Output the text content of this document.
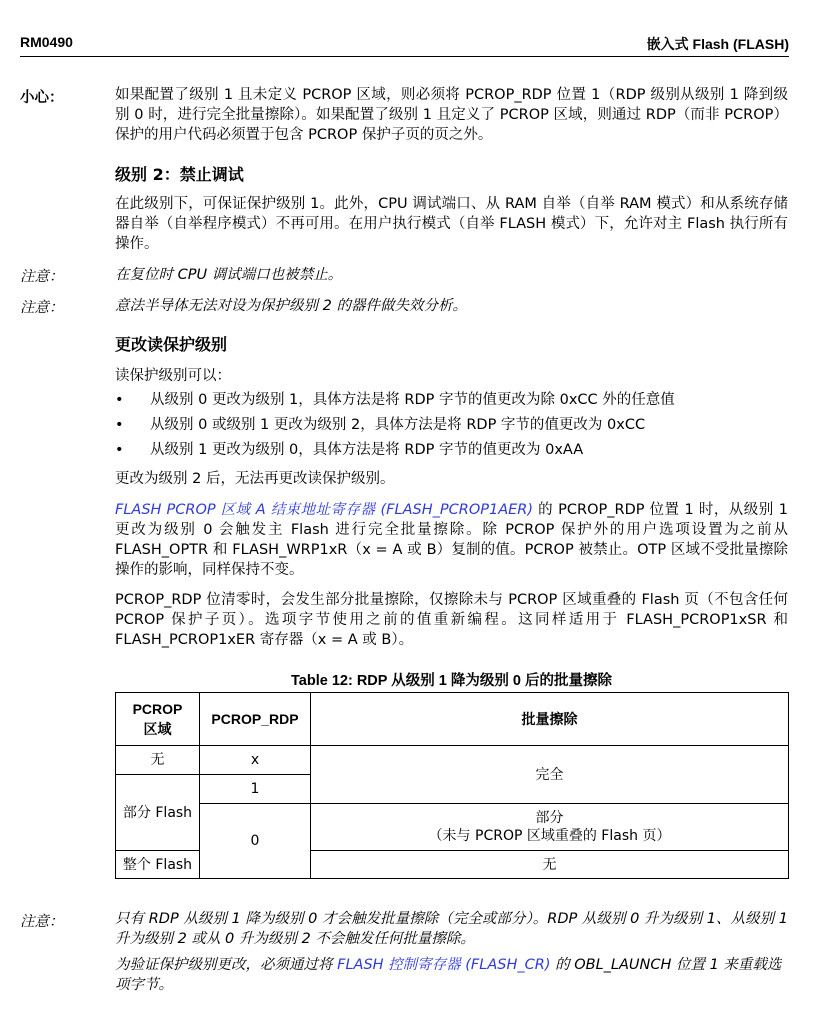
RM0490	嵌入式 Flash (FLASH)
小心：	如果配置了级别 1 且未定义 PCROP 区域，则必须将 PCROP_RDP 位置 1（RDP 级别从级别 1 降到级别 0 时，进行完全批量擦除）。如果配置了级别 1 且定义了 PCROP 区域，则通过 RDP（而非 PCROP）保护的用户代码必须置于包含 PCROP 保护子页的页之外。
级别 2：禁止调试
在此级别下，可保证保护级别 1。此外，CPU 调试端口、从 RAM 自举（自举 RAM 模式）和从系统存储器自举（自举程序模式）不再可用。在用户执行模式（自举 FLASH 模式）下，允许对主 Flash 执行所有操作。
注意：	在复位时 CPU 调试端口也被禁止。
注意：	意法半导体无法对设为保护级别 2 的器件做失效分析。
更改读保护级别
读保护级别可以：
• 从级别 0 更改为级别 1，具体方法是将 RDP 字节的值更改为除 0xCC 外的任意值
• 从级别 0 或级别 1 更改为级别 2，具体方法是将 RDP 字节的值更改为 0xCC
• 从级别 1 更改为级别 0，具体方法是将 RDP 字节的值更改为 0xAA
更改为级别 2 后，无法再更改读保护级别。
FLASH PCROP 区域 A 结束地址寄存器 (FLASH_PCROP1AER) 的 PCROP_RDP 位置 1 时，从级别 1 更改为级别 0 会触发主 Flash 进行完全批量擦除。除 PCROP 保护外的用户选项设置为之前从 FLASH_OPTR 和 FLASH_WRP1xR（x = A 或 B）复制的值。PCROP 被禁止。OTP 区域不受批量擦除操作的影响，同样保持不变。
PCROP_RDP 位清零时，会发生部分批量擦除，仅擦除未与 PCROP 区域重叠的 Flash 页（不包含任何 PCROP 保护子页）。选项字节使用之前的值重新编程。这同样适用于 FLASH_PCROP1xSR 和 FLASH_PCROP1xER 寄存器（x = A 或 B）。
Table 12: RDP 从级别 1 降为级别 0 后的批量擦除
PCROP
区域	PCROP_RDP	批量擦除
无	x	完全
部分 Flash	1	
	0	部分
（未与 PCROP 区域重叠的 Flash 页）

整个 Flash		无
注意：	只有 RDP 从级别 1 降为级别 0 才会触发批量擦除（完全或部分）。RDP 从级别 0 升为级别 1、从级别 1 升为级别 2 或从 0 升为级别 2 不会触发任何批量擦除。
为验证保护级别更改，必须通过将 FLASH 控制寄存器 (FLASH_CR) 的 OBL_LAUNCH 位置 1 来重载选项字节。
